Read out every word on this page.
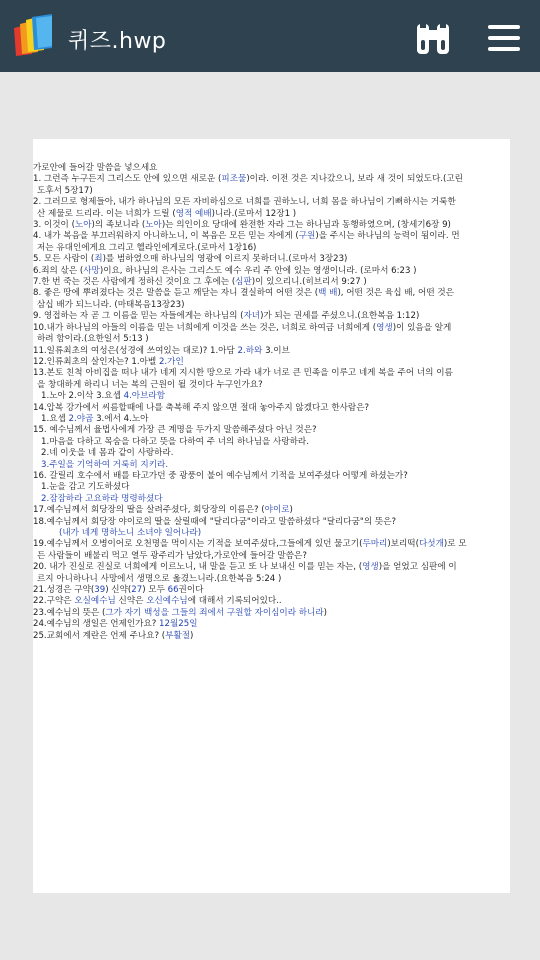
퀴즈.hwp
가로안에 들어갈 말씀을 넣으세요
1. 그런즉 누구든지 그리스도 안에 있으면 새로운 (피조물)이라. 이전 것은 지나갔으니, 보라 새 것이 되었도다.(고린
도후서 5장17)
2. 그러므로 형제들아, 내가 하나님의 모든 자비하심으로 너희를 권하노니, 너희 몸을 하나님이 기뻐하시는 거룩한
산 제물로 드리라. 이는 너희가 드릴 (영적 예배)니라.(로마서 12장1 )
3. 이것이 (노아)의 족보니라 (노아)는 의인이요 당대에 완전한 자라 그는 하나님과 동행하였으며, (창세기6장 9)
4. 내가 복음을 부끄러워하지 아니하노니, 이 복음은 모든 믿는 자에게 (구원)을 주시는 하나님의 능력이 됨이라. 먼
저는 유대인에게요 그리고 헬라인에게로다.(로마서 1장16)
5. 모든 사람이 (죄)를 범하였으매 하나님의 영광에 이르지 못하더니.(로마서 3장23)
6.죄의 삯은 (사망)이요, 하나님의 은사는 그리스도 예수 우리 주 안에 있는 영생이니라. (로마서 6:23 )
7.한 번 죽는 것은 사람에게 정하신 것이요 그 후에는 (심판)이 있으리니.(히브리서 9:27 )
8. 좋은 땅에 뿌려졌다는 것은 말씀을 듣고 깨닫는 자니 결실하여 어떤 것은 (백 배), 어떤 것은 육십 배, 어떤 것은
삼십 배가 되느니라. (마태복음13장23)
9. 영접하는 자 곧 그 이름을 믿는 자들에게는 하나님의 (자녀)가 되는 권세를 주셨으니.(요한복음 1:12)
10.내가 하나님의 아들의 이름을 믿는 너희에게 이것을 쓰는 것은, 너희로 하여금 너희에게 (영생)이 있음을 알게
하려 함이라.(요한일서 5:13 )
11.일류최초의 여성은(성경에 쓰여있는 대로)? 1.아담 2.하와 3.이브
12.인류최초의 살인자는? 1.아벨 2.가인
13.본토 친척 아비집을 떠나 내가 네게 지시한 땅으로 가라 내가 너로 큰 민족을 이루고 네게 복을 주어 너의 이름
을 창대하게 하리니 너는 복의 근원이 될 것이다 누구인가요?
1.노아 2.이삭 3.요셉 4.아브라함
14.압복 강가에서 씨름할때에 나를 축복해 주지 않으면 절대 놓아주지 않겠다고 한사람은?
1.요셉 2.야곱 3.에서 4.노아
15. 예수님께서 율법사에게 가장 큰 계명을 두가지 말씀해주셨다 아닌 것은?
1.마음을 다하고 목숨을 다하고 뜻을 다하여 주 너의 하나님을 사랑하라.
2.네 이웃을 네 몸과 같이 사랑하라.
3.주일을 기억하여 거룩히 지키라.
16. 갈릴리 호수에서 배를 타고가던 중 광풍이 불어 예수님께서 기적을 보여주셨다 어떻게 하셨는가?
1.눈을 감고 기도하셨다
2.잠잠하라 고요하라 명령하셨다
17.예수님께서 회당장의 딸을 살려주셨다, 회당장의 이름은? (야이로)
18.예수님께서 회당장 야이로의 딸을 살릴때에 "달리다굼"이라고 말씀하셨다 "달리다굼"의 뜻은?
(내가 네게 명하노니 소녀야 일어나라)
19.예수님께서 오병이어로 오천명을 먹이시는 기적을 보여주셨다,그들에게 있던 물고기(두마리)보리떡(다섯개)로 모
든 사람들이 배불리 먹고 열두 광주리가 남았다,가로안에 들어갈 말씀은?
20. 내가 진실로 진실로 너희에게 이르노니, 내 말을 듣고 또 나 보내신 이를 믿는 자는, (영생)을 얻었고 심판에 이
르지 아니하나니 사망에서 생명으로 옮겼느니라.(요한복음 5:24 )
21.성경은 구약(39) 신약(27) 모두 66권이다
22.구약은 오실예수님 신약은 오신예수님에 대해서 기록되어있다..
23.예수님의 뜻은 (그가 자기 백성을 그들의 죄에서 구원할 자이심이라 하니라)
24.예수님의 생일은 언제인가요? 12월25일
25.교회에서 계란은 언제 주나요? (부활절)
